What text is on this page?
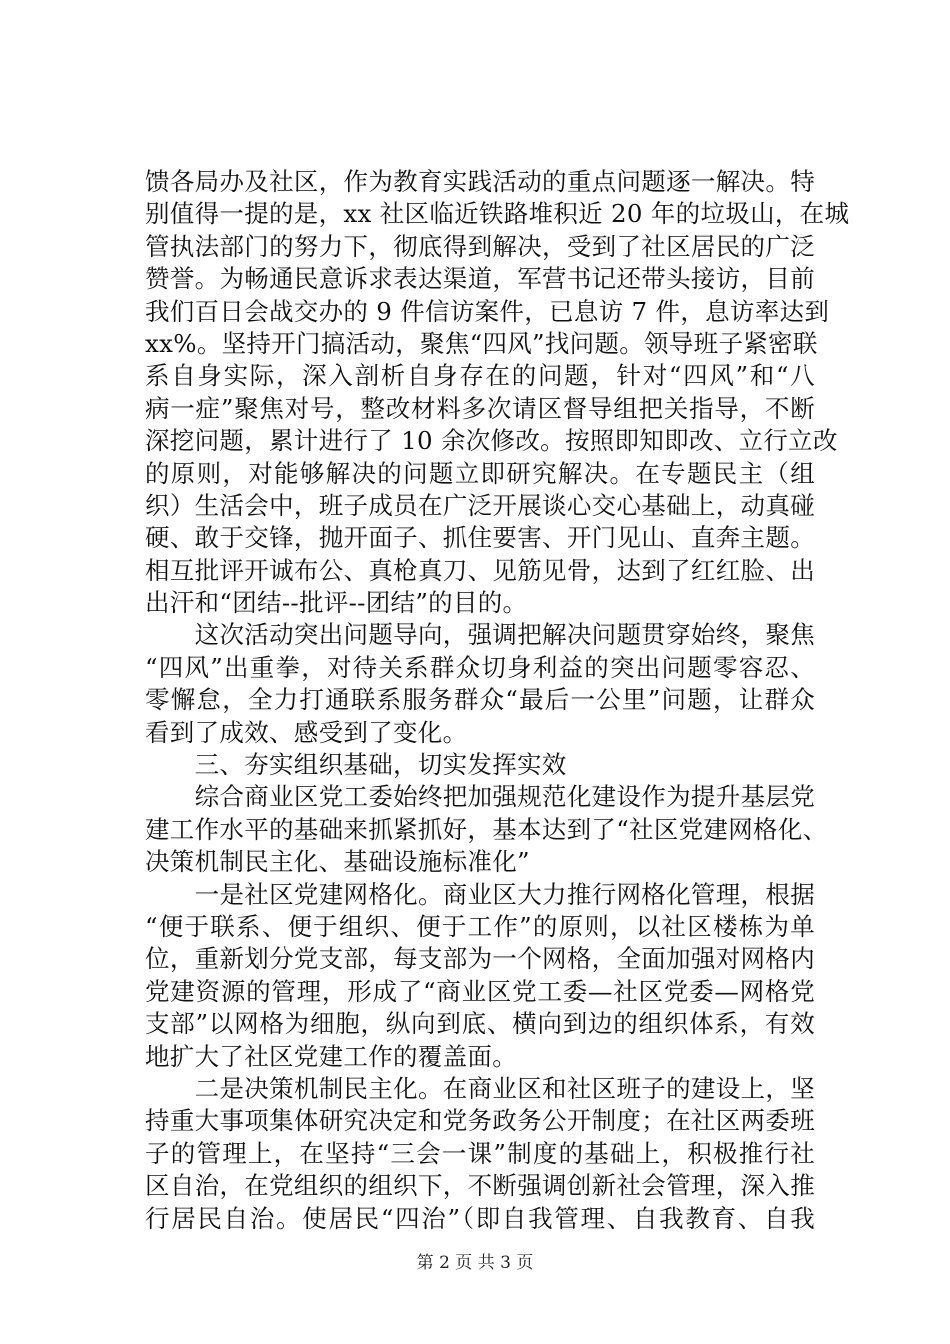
馈各局办及社区，作为教育实践活动的重点问题逐一解决。特
别值得一提的是，xx 社区临近铁路堆积近 20 年的垃圾山，在城
管执法部门的努力下，彻底得到解决，受到了社区居民的广泛
赞誉。为畅通民意诉求表达渠道，军营书记还带头接访，目前
我们百日会战交办的 9 件信访案件，已息访 7 件，息访率达到
xx%。坚持开门搞活动，聚焦“四风”找问题。领导班子紧密联
系自身实际，深入剖析自身存在的问题，针对“四风”和“八
病一症”聚焦对号，整改材料多次请区督导组把关指导，不断
深挖问题，累计进行了 10 余次修改。按照即知即改、立行立改
的原则，对能够解决的问题立即研究解决。在专题民主（组
织）生活会中，班子成员在广泛开展谈心交心基础上，动真碰
硬、敢于交锋，抛开面子、抓住要害、开门见山、直奔主题。
相互批评开诚布公、真枪真刀、见筋见骨，达到了红红脸、出
出汗和“团结--批评--团结”的目的。
　　这次活动突出问题导向，强调把解决问题贯穿始终，聚焦
“四风”出重拳，对待关系群众切身利益的突出问题零容忍、
零懈怠，全力打通联系服务群众“最后一公里”问题，让群众
看到了成效、感受到了变化。
　　三、夯实组织基础，切实发挥实效
　　综合商业区党工委始终把加强规范化建设作为提升基层党
建工作水平的基础来抓紧抓好，基本达到了“社区党建网格化、
决策机制民主化、基础设施标准化”
　　一是社区党建网格化。商业区大力推行网格化管理，根据
“便于联系、便于组织、便于工作”的原则，以社区楼栋为单
位，重新划分党支部，每支部为一个网格，全面加强对网格内
党建资源的管理，形成了“商业区党工委—社区党委—网格党
支部”以网格为细胞，纵向到底、横向到边的组织体系，有效
地扩大了社区党建工作的覆盖面。
　　二是决策机制民主化。在商业区和社区班子的建设上，坚
持重大事项集体研究决定和党务政务公开制度；在社区两委班
子的管理上，在坚持“三会一课”制度的基础上，积极推行社
区自治，在党组织的组织下，不断强调创新社会管理，深入推
行居民自治。使居民“四治”（即自我管理、自我教育、自我
第 2 页 共 3 页
